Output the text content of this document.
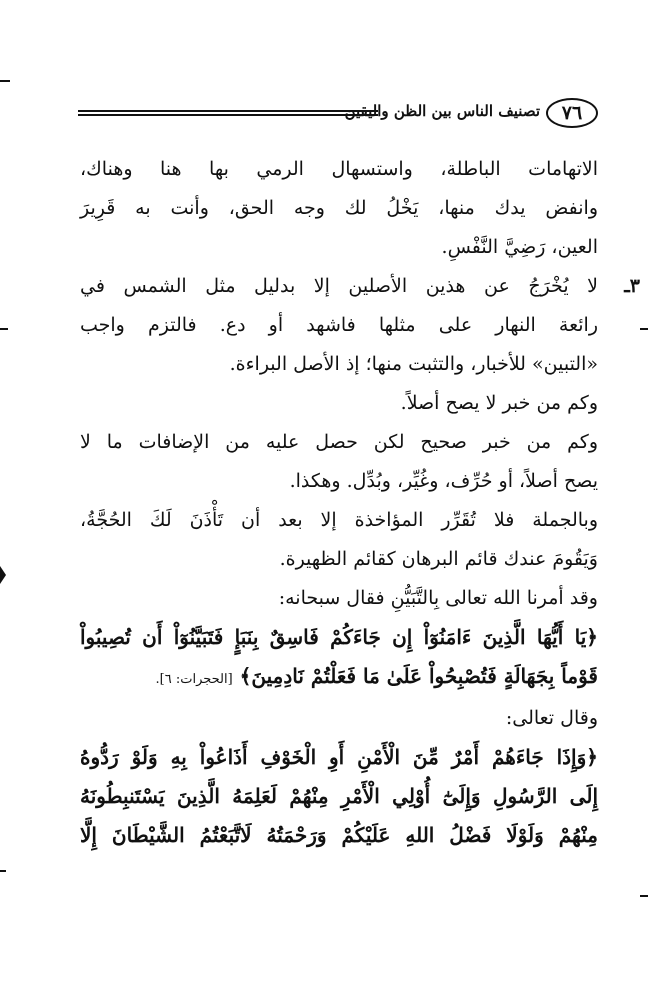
٧٦
تصنيف الناس بين الظن واليقين
الاتهامات الباطلة، واستسهال الرمي بها هنا وهناك،
وانفض يدك منها، يَخْلُ لك وجه الحق، وأنت به قَرِيرَ
العين، رَضِيَّ النَّفْسِ.
٣ـ
لا يُخْرَجُ عن هذين الأصلين إلا بدليل مثل الشمس في
رائعة النهار على مثلها فاشهد أو دع. فالتزم واجب
«التبين» للأخبار، والتثبت منها؛ إذ الأصل البراءة.
وكم من خبر لا يصح أصلاً.
وكم من خبر صحيح لكن حصل عليه من الإضافات ما لا
يصح أصلاً، أو حُرِّف، وغُيِّر، وبُدِّل. وهكذا.
وبالجملة فلا تُقَرِّر المؤاخذة إلا بعد أن تَأْذَنَ لَكَ الحُجَّةُ،
وَيَقُومَ عندك قائم البرهان كقائم الظهيرة.
وقد أمرنا الله تعالى بِالتَّبَيُّنِ فقال سبحانه:
﴿يَا أَيُّهَا الَّذِينَ ءَامَنُوٓاْ إِن جَاءَكُمْ فَاسِقٌ بِنَبَإٍ فَتَبَيَّنُوٓاْ أَن تُصِيبُواْ
قَوْماً بِجَهَالَةٍ فَتُصْبِحُواْ عَلَىٰ مَا فَعَلْتُمْ نَادِمِينَ﴾ [الحجرات: ٦].
وقال تعالى:
﴿وَإِذَا جَاءَهُمْ أَمْرٌ مِّنَ الْأَمْنِ أَوِ الْخَوْفِ أَذَاعُواْ بِهِ وَلَوْ رَدُّوهُ
إِلَى الرَّسُولِ وَإِلَىٰٓ أُوْلِي الْأَمْرِ مِنْهُمْ لَعَلِمَهُ الَّذِينَ يَسْتَنبِطُونَهُ
مِنْهُمْ وَلَوْلَا فَضْلُ اللهِ عَلَيْكُمْ وَرَحْمَتُهُ لَاتَّبَعْتُمُ الشَّيْطَانَ إِلَّا
